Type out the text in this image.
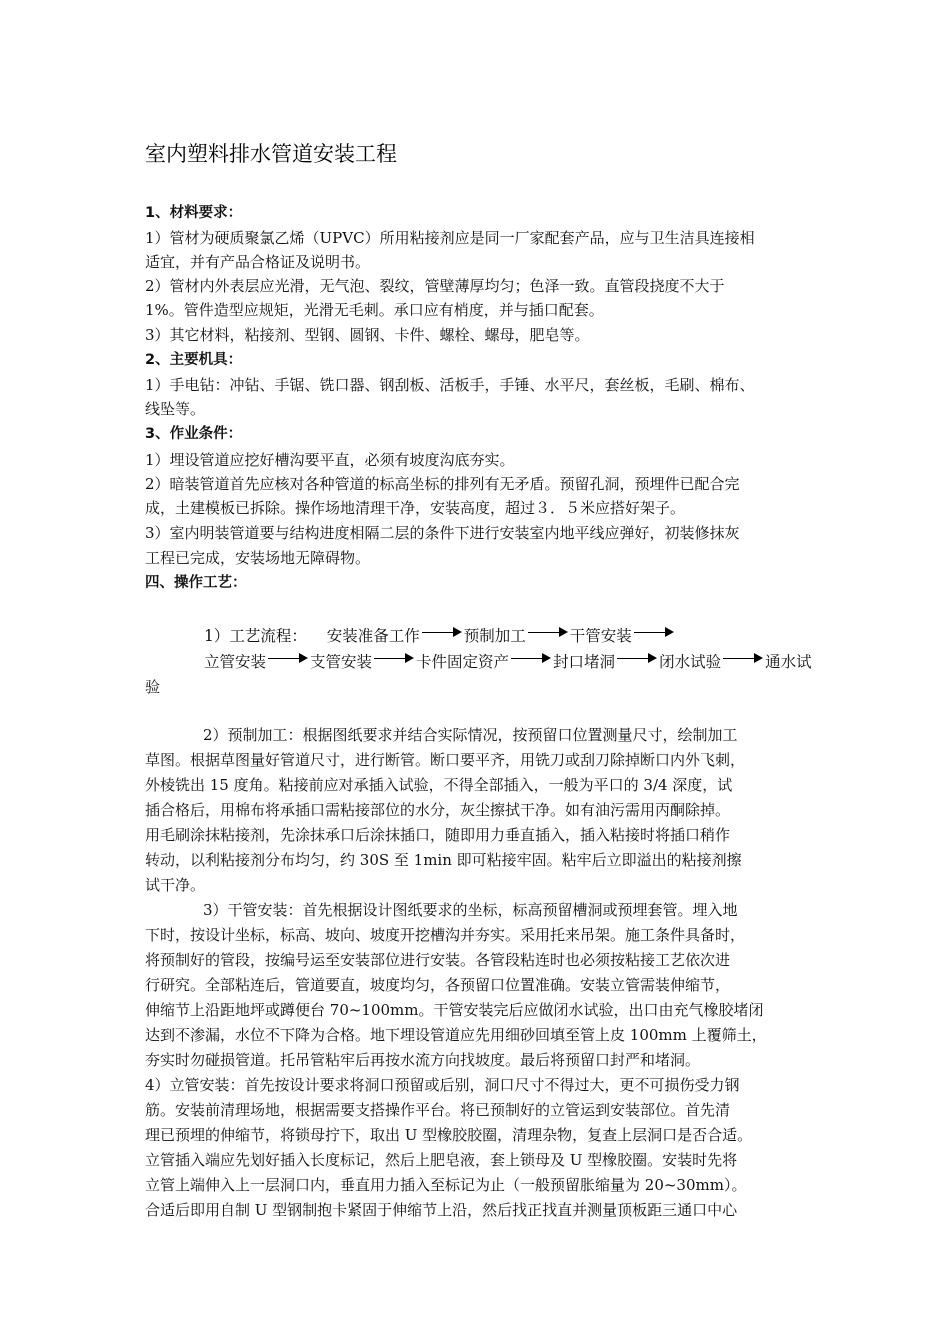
室内塑料排水管道安装工程
1、材料要求：
1）管材为硬质聚氯乙烯（UPVC）所用粘接剂应是同一厂家配套产品，应与卫生洁具连接相
适宜，并有产品合格证及说明书。
2）管材内外表层应光滑，无气泡、裂纹，管壁薄厚均匀；色泽一致。直管段挠度不大于
1%。管件造型应规矩，光滑无毛刺。承口应有梢度，并与插口配套。
3）其它材料，粘接剂、型钢、圆钢、卡件、螺栓、螺母，肥皂等。
2、主要机具：
1）手电钻：冲钻、手锯、铣口器、钢刮板、活板手，手锤、水平尺，套丝板，毛刷、棉布、
线坠等。
3、作业条件：
1）埋设管道应挖好槽沟要平直，必须有坡度沟底夯实。
2）暗装管道首先应核对各种管道的标高坐标的排列有无矛盾。预留孔洞，预埋件已配合完
成，土建模板已拆除。操作场地清理干净，安装高度，超过３．５米应搭好架子。
3）室内明装管道要与结构进度相隔二层的条件下进行安装室内地平线应弹好，初装修抹灰
工程已完成，安装场地无障碍物。
四、操作工艺：
1）工艺流程： 安装准备工作	预制加工	干管安装
立管安装	支管安装	卡件固定资产	封口堵洞	闭水试验	通水试
验
2）预制加工：根据图纸要求并结合实际情况，按预留口位置测量尺寸，绘制加工
草图。根据草图量好管道尺寸，进行断管。断口要平齐，用铣刀或刮刀除掉断口内外飞刺，
外棱铣出 15 度角。粘接前应对承插入试验，不得全部插入，一般为平口的 3/4 深度，试
插合格后，用棉布将承插口需粘接部位的水分，灰尘擦拭干净。如有油污需用丙酮除掉。
用毛刷涂抹粘接剂，先涂抹承口后涂抹插口，随即用力垂直插入，插入粘接时将插口稍作
转动，以利粘接剂分布均匀，约 30S 至 1min 即可粘接牢固。粘牢后立即溢出的粘接剂擦
试干净。
3）干管安装：首先根据设计图纸要求的坐标，标高预留槽洞或预埋套管。埋入地
下时，按设计坐标，标高、坡向、坡度开挖槽沟并夯实。采用托来吊架。施工条件具备时，
将预制好的管段，按编号运至安装部位进行安装。各管段粘连时也必须按粘接工艺依次进
行研究。全部粘连后，管道要直，坡度均匀，各预留口位置准确。安装立管需装伸缩节，
伸缩节上沿距地坪或蹲便台 70~100mm。干管安装完后应做闭水试验，出口由充气橡胶堵闭
达到不渗漏，水位不下降为合格。地下埋设管道应先用细砂回填至管上皮 100mm 上覆筛土，
夯实时勿碰损管道。托吊管粘牢后再按水流方向找坡度。最后将预留口封严和堵洞。
4）立管安装：首先按设计要求将洞口预留或后别，洞口尺寸不得过大，更不可损伤受力钢
筋。安装前清理场地，根据需要支搭操作平台。将已预制好的立管运到安装部位。首先清
理已预埋的伸缩节，将锁母拧下，取出 U 型橡胶胶圈，清理杂物，复查上层洞口是否合适。
立管插入端应先划好插入长度标记，然后上肥皂液，套上锁母及 U 型橡胶圈。安装时先将
立管上端伸入上一层洞口内，垂直用力插入至标记为止（一般预留胀缩量为 20~30mm）。
合适后即用自制 U 型钢制抱卡紧固于伸缩节上沿，然后找正找直并测量顶板距三通口中心
